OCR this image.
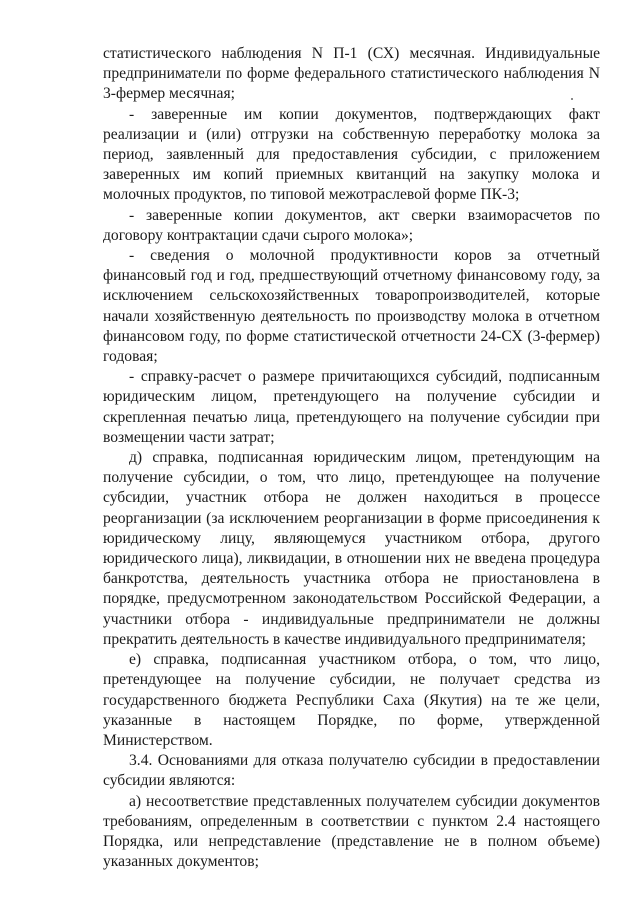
статистического наблюдения N П-1 (СХ) месячная. Индивидуальные предприниматели по форме федерального статистического наблюдения N 3-фермер месячная;

- заверенные им копии документов, подтверждающих факт реализации и (или) отгрузки на собственную переработку молока за период, заявленный для предоставления субсидии, с приложением заверенных им копий приемных квитанций на закупку молока и молочных продуктов, по типовой межотраслевой форме ПК-3;

- заверенные копии документов, акт сверки взаиморасчетов по договору контрактации сдачи сырого молока»;

- сведения о молочной продуктивности коров за отчетный финансовый год и год, предшествующий отчетному финансовому году, за исключением сельскохозяйственных товаропроизводителей, которые начали хозяйственную деятельность по производству молока в отчетном финансовом году, по форме статистической отчетности 24-СХ (3-фермер) годовая;

- справку-расчет о размере причитающихся субсидий, подписанным юридическим лицом, претендующего на получение субсидии и скрепленная печатью лица, претендующего на получение субсидии при возмещении части затрат;

д) справка, подписанная юридическим лицом, претендующим на получение субсидии, о том, что лицо, претендующее на получение субсидии, участник отбора не должен находиться в процессе реорганизации (за исключением реорганизации в форме присоединения к юридическому лицу, являющемуся участником отбора, другого юридического лица), ликвидации, в отношении них не введена процедура банкротства, деятельность участника отбора не приостановлена в порядке, предусмотренном законодательством Российской Федерации, а участники отбора - индивидуальные предприниматели не должны прекратить деятельность в качестве индивидуального предпринимателя;

е) справка, подписанная участником отбора, о том, что лицо, претендующее на получение субсидии, не получает средства из государственного бюджета Республики Саха (Якутия) на те же цели, указанные в настоящем Порядке, по форме, утвержденной Министерством.

3.4. Основаниями для отказа получателю субсидии в предоставлении субсидии являются:

а) несоответствие представленных получателем субсидии документов требованиям, определенным в соответствии с пунктом 2.4 настоящего Порядка, или непредставление (представление не в полном объеме) указанных документов;
